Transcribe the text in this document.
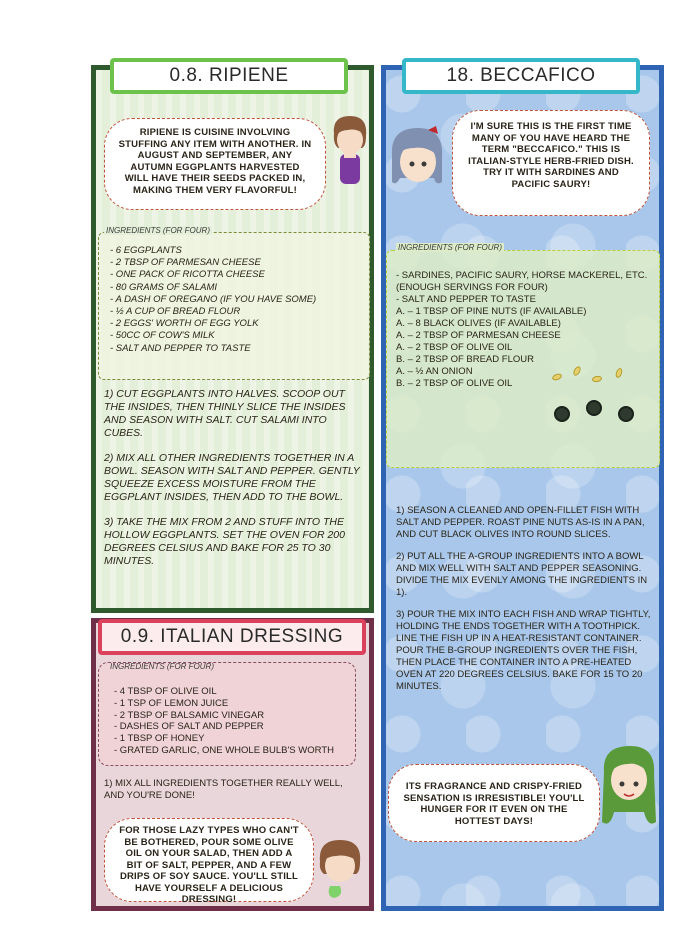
0.8. RIPIENE	18. BECCAFICO
0.9. ITALIAN DRESSING
RIPIENE IS CUISINE INVOLVING STUFFING ANY ITEM WITH ANOTHER. IN AUGUST AND SEPTEMBER, ANY AUTUMN EGGPLANTS HARVESTED WILL HAVE THEIR SEEDS PACKED IN, MAKING THEM VERY FLAVORFUL!
INGREDIENTS (FOR FOUR)
- 6 EGGPLANTS
- 2 TBSP OF PARMESAN CHEESE
- ONE PACK OF RICOTTA CHEESE
- 80 GRAMS OF SALAMI
- A DASH OF OREGANO (IF YOU HAVE SOME)
- ½ A CUP OF BREAD FLOUR
- 2 EGGS' WORTH OF EGG YOLK
- 50CC OF COW'S MILK
- SALT AND PEPPER TO TASTE

1) CUT EGGPLANTS INTO HALVES. SCOOP OUT THE INSIDES, THEN THINLY SLICE THE INSIDES AND SEASON WITH SALT. CUT SALAMI INTO CUBES.

2) MIX ALL OTHER INGREDIENTS TOGETHER IN A BOWL. SEASON WITH SALT AND PEPPER. GENTLY SQUEEZE EXCESS MOISTURE FROM THE EGGPLANT INSIDES, THEN ADD TO THE BOWL.

3) TAKE THE MIX FROM 2 AND STUFF INTO THE HOLLOW EGGPLANTS. SET THE OVEN FOR 200 DEGREES CELSIUS AND BAKE FOR 25 TO 30 MINUTES.

INGREDIENTS (FOR FOUR)
- 4 TBSP OF OLIVE OIL
- 1 TSP OF LEMON JUICE
- 2 TBSP OF BALSAMIC VINEGAR
- DASHES OF SALT AND PEPPER
- 1 TBSP OF HONEY
- GRATED GARLIC, ONE WHOLE BULB'S WORTH

1) MIX ALL INGREDIENTS TOGETHER REALLY WELL, AND YOU'RE DONE!

FOR THOSE LAZY TYPES WHO CAN'T BE BOTHERED, POUR SOME OLIVE OIL ON YOUR SALAD, THEN ADD A BIT OF SALT, PEPPER, AND A FEW DRIPS OF SOY SAUCE. YOU'LL STILL HAVE YOURSELF A DELICIOUS DRESSING!
I'M SURE THIS IS THE FIRST TIME MANY OF YOU HAVE HEARD THE TERM "BECCAFICO." THIS IS ITALIAN-STYLE HERB-FRIED DISH. TRY IT WITH SARDINES AND PACIFIC SAURY!
INGREDIENTS (FOR FOUR)
- SARDINES, PACIFIC SAURY, HORSE MACKEREL, ETC. (ENOUGH SERVINGS FOR FOUR)
- SALT AND PEPPER TO TASTE
A. – 1 TBSP OF PINE NUTS (IF AVAILABLE)
A. – 8 BLACK OLIVES (IF AVAILABLE)
A. – 2 TBSP OF PARMESAN CHEESE
A. – 2 TBSP OF OLIVE OIL
B. – 2 TBSP OF BREAD FLOUR
A. – ½ AN ONION
B. – 2 TBSP OF OLIVE OIL

1) SEASON A CLEANED AND OPEN-FILLET FISH WITH SALT AND PEPPER. ROAST PINE NUTS AS-IS IN A PAN, AND CUT BLACK OLIVES INTO ROUND SLICES.

2) PUT ALL THE A-GROUP INGREDIENTS INTO A BOWL AND MIX WELL WITH SALT AND PEPPER SEASONING. DIVIDE THE MIX EVENLY AMONG THE INGREDIENTS IN 1).

3) POUR THE MIX INTO EACH FISH AND WRAP TIGHTLY, HOLDING THE ENDS TOGETHER WITH A TOOTHPICK. LINE THE FISH UP IN A HEAT-RESISTANT CONTAINER. POUR THE B-GROUP INGREDIENTS OVER THE FISH, THEN PLACE THE CONTAINER INTO A PRE-HEATED OVEN AT 220 DEGREES CELSIUS. BAKE FOR 15 TO 20 MINUTES.

ITS FRAGRANCE AND CRISPY-FRIED SENSATION IS IRRESISTIBLE! YOU'LL HUNGER FOR IT EVEN ON THE HOTTEST DAYS!
